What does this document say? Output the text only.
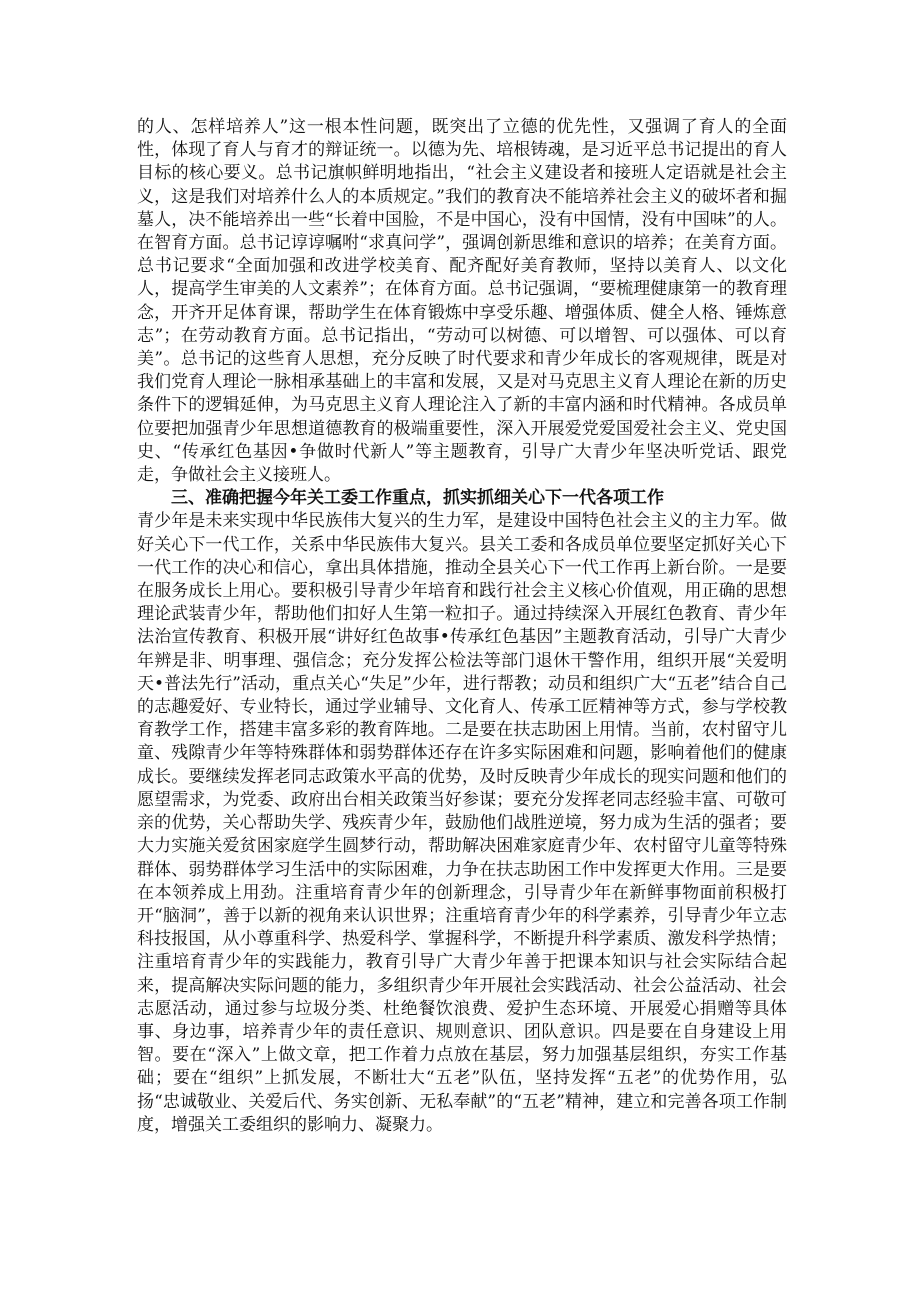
的人、怎样培养人”这一根本性问题，既突出了立德的优先性，又强调了育人的全面性，体现了育人与育才的辩证统一。以德为先、培根铸魂，是习近平总书记提出的育人目标的核心要义。总书记旗帜鲜明地指出，“社会主义建设者和接班人定语就是社会主义，这是我们对培养什么人的本质规定。”我们的教育决不能培养社会主义的破坏者和掘墓人，决不能培养出一些“长着中国脸，不是中国心，没有中国情，没有中国味”的人。在智育方面。总书记谆谆嘱咐“求真问学”，强调创新思维和意识的培养；在美育方面。总书记要求“全面加强和改进学校美育、配齐配好美育教师，坚持以美育人、以文化人，提高学生审美的人文素养”；在体育方面。总书记强调，“要梳理健康第一的教育理念，开齐开足体育课，帮助学生在体育锻炼中享受乐趣、增强体质、健全人格、锤炼意志”；在劳动教育方面。总书记指出，“劳动可以树德、可以增智、可以强体、可以育美”。总书记的这些育人思想，充分反映了时代要求和青少年成长的客观规律，既是对我们党育人理论一脉相承基础上的丰富和发展，又是对马克思主义育人理论在新的历史条件下的逻辑延伸，为马克思主义育人理论注入了新的丰富内涵和时代精神。各成员单位要把加强青少年思想道德教育的极端重要性，深入开展爱党爱国爱社会主义、党史国史、“传承红色基因•争做时代新人”等主题教育，引导广大青少年坚决听党话、跟党走，争做社会主义接班人。

三、准确把握今年关工委工作重点，抓实抓细关心下一代各项工作

青少年是未来实现中华民族伟大复兴的生力军，是建设中国特色社会主义的主力军。做好关心下一代工作，关系中华民族伟大复兴。县关工委和各成员单位要坚定抓好关心下一代工作的决心和信心，拿出具体措施，推动全县关心下一代工作再上新台阶。一是要在服务成长上用心。要积极引导青少年培育和践行社会主义核心价值观，用正确的思想理论武装青少年，帮助他们扣好人生第一粒扣子。通过持续深入开展红色教育、青少年法治宣传教育、积极开展“讲好红色故事•传承红色基因”主题教育活动，引导广大青少年辨是非、明事理、强信念；充分发挥公检法等部门退休干警作用，组织开展“关爱明天•普法先行”活动，重点关心“失足”少年，进行帮教；动员和组织广大“五老”结合自己的志趣爱好、专业特长，通过学业辅导、文化育人、传承工匠精神等方式，参与学校教育教学工作，搭建丰富多彩的教育阵地。二是要在扶志助困上用情。当前，农村留守儿童、残隙青少年等特殊群体和弱势群体还存在许多实际困难和问题，影响着他们的健康成长。要继续发挥老同志政策水平高的优势，及时反映青少年成长的现实问题和他们的愿望需求，为党委、政府出台相关政策当好参谋；要充分发挥老同志经验丰富、可敬可亲的优势，关心帮助失学、残疾青少年，鼓励他们战胜逆境，努力成为生活的强者；要大力实施关爱贫困家庭学生圆梦行动，帮助解决困难家庭青少年、农村留守儿童等特殊群体、弱势群体学习生活中的实际困难，力争在扶志助困工作中发挥更大作用。三是要在本领养成上用劲。注重培育青少年的创新理念，引导青少年在新鲜事物面前积极打开“脑洞”，善于以新的视角来认识世界；注重培育青少年的科学素养，引导青少年立志科技报国，从小尊重科学、热爱科学、掌握科学，不断提升科学素质、激发科学热情；注重培育青少年的实践能力，教育引导广大青少年善于把课本知识与社会实际结合起来，提高解决实际问题的能力，多组织青少年开展社会实践活动、社会公益活动、社会志愿活动，通过参与垃圾分类、杜绝餐饮浪费、爱护生态环境、开展爱心捐赠等具体事、身边事，培养青少年的责任意识、规则意识、团队意识。四是要在自身建设上用智。要在“深入”上做文章，把工作着力点放在基层，努力加强基层组织，夯实工作基础；要在“组织”上抓发展，不断壮大“五老”队伍，坚持发挥“五老”的优势作用，弘扬“忠诚敬业、关爱后代、务实创新、无私奉献”的“五老”精神，建立和完善各项工作制度，增强关工委组织的影响力、凝聚力。
